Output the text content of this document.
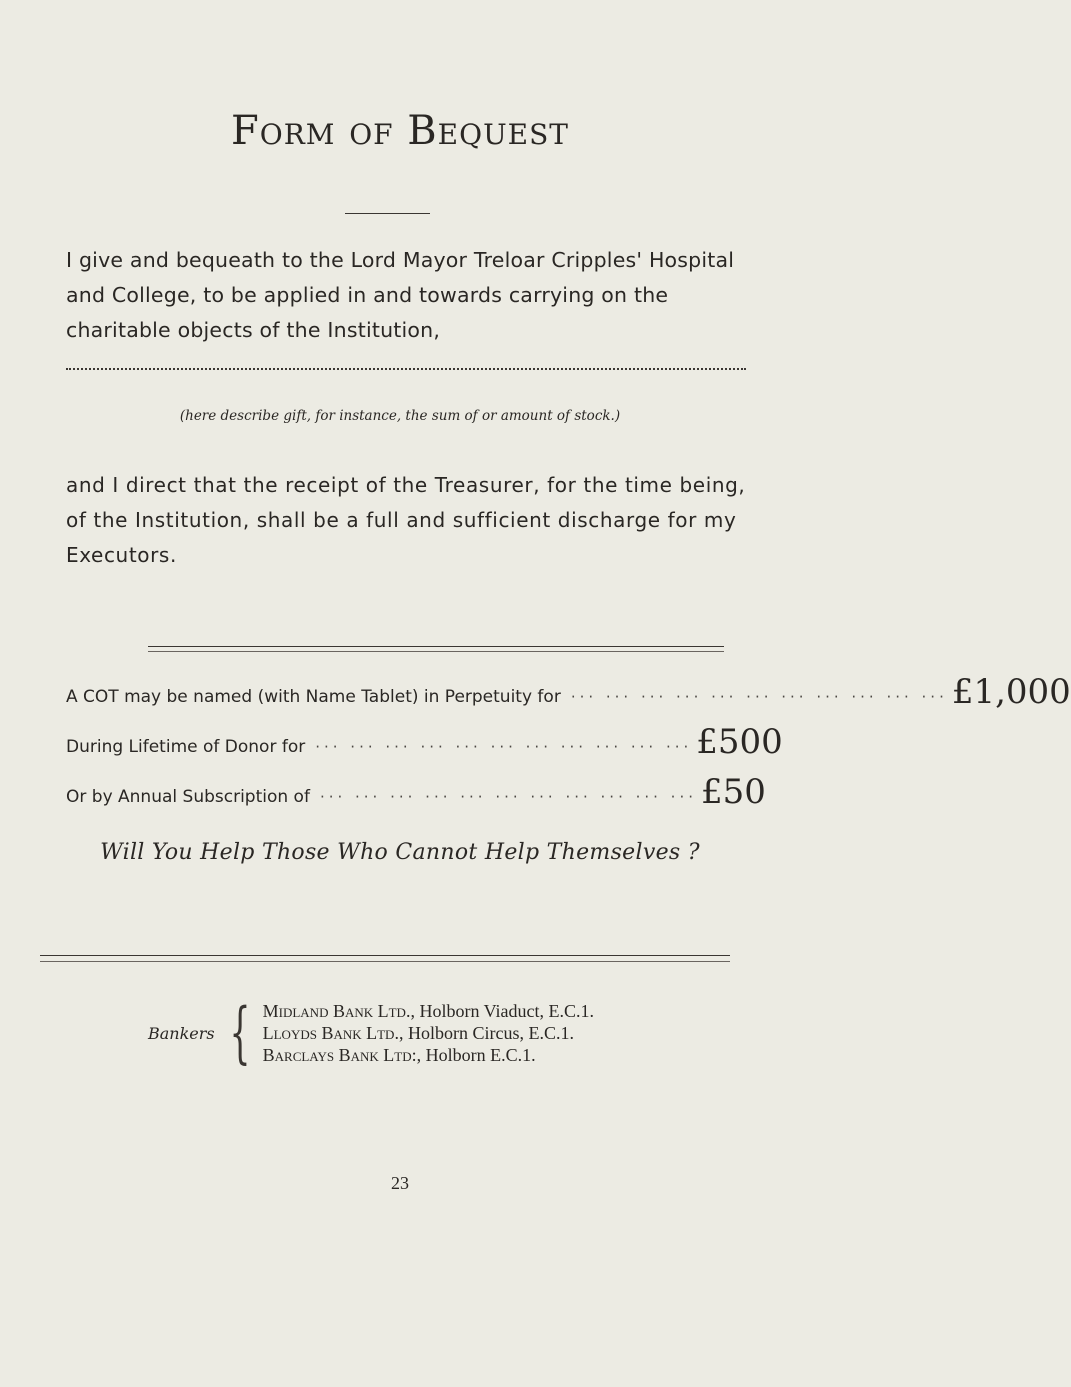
Form of Bequest
I give and bequeath to the Lord Mayor Treloar Cripples' Hospital and College, to be applied in and towards carrying on the charitable objects of the Institution,
(here describe gift, for instance, the sum of or amount of stock.)
and I direct that the receipt of the Treasurer, for the time being, of the Institution, shall be a full and sufficient discharge for my Executors.
A COT may be named (with Name Tablet) in Perpetuity for ··· ··· ··· ··· ··· ··· ··· ··· ··· ··· ··· £1,000
During Lifetime of Donor for ··· ··· ··· ··· ··· ··· ··· ··· ··· ··· ··· £500
Or by Annual Subscription of ··· ··· ··· ··· ··· ··· ··· ··· ··· ··· ··· £50
Will You Help Those Who Cannot Help Themselves ?
Bankers { Midland Bank Ltd., Holborn Viaduct, E.C.1.
Lloyds Bank Ltd., Holborn Circus, E.C.1.
Barclays Bank Ltd:, Holborn E.C.1.
23
